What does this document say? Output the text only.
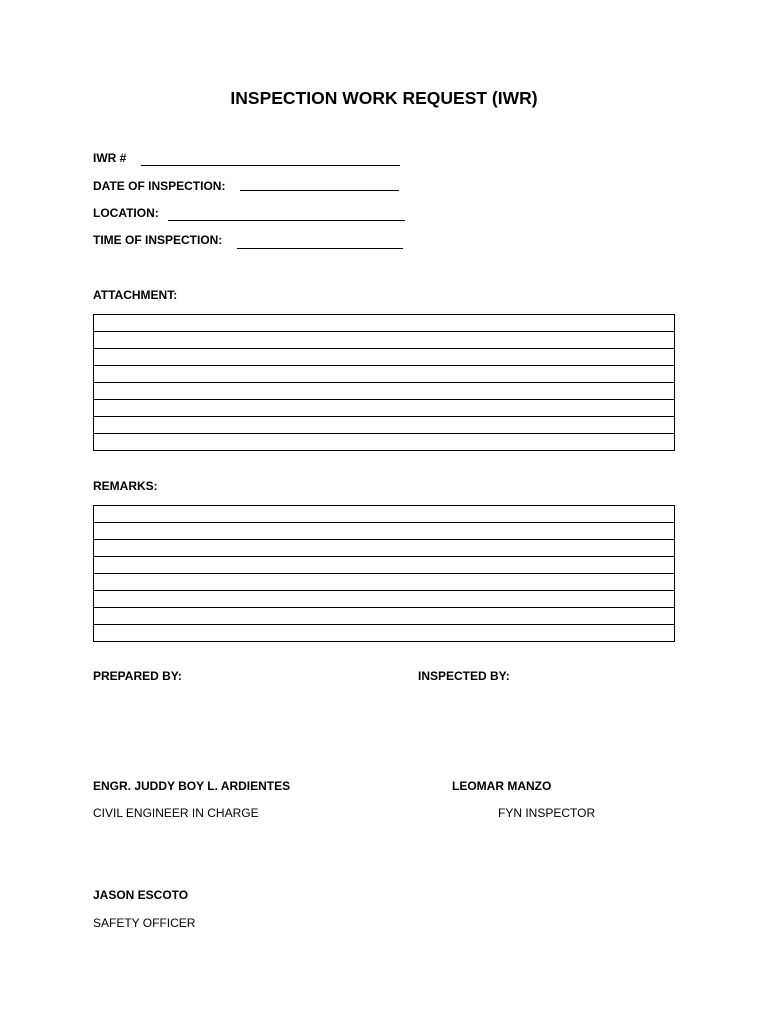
INSPECTION WORK REQUEST (IWR)
IWR #
DATE OF INSPECTION:
LOCATION:
TIME OF INSPECTION:
ATTACHMENT:
REMARKS:
PREPARED BY:	INSPECTED BY:
ENGR. JUDDY BOY L. ARDIENTES	LEOMAR MANZO
CIVIL ENGINEER IN CHARGE	FYN INSPECTOR
JASON ESCOTO
SAFETY OFFICER
